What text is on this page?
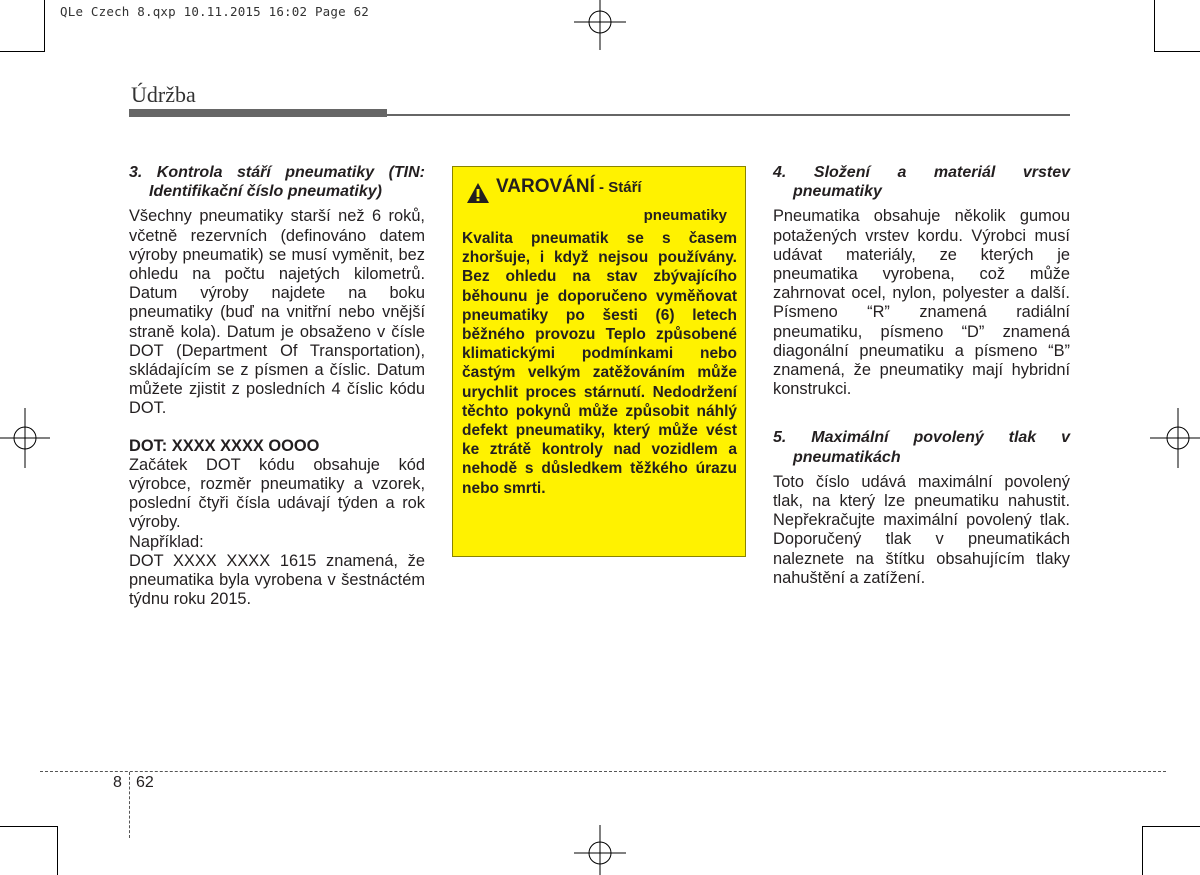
QLe Czech 8.qxp 10.11.2015 16:02 Page 62
Údržba

3. Kontrola stáří pneumatiky (TIN: Identifikační číslo pneumatiky)

Všechny pneumatiky starší než 6 roků, včetně rezervních (definováno datem výroby pneumatik) se musí vyměnit, bez ohledu na počtu najetých kilometrů. Datum výroby najdete na boku pneumatiky (buď na vnitřní nebo vnější straně kola). Datum je obsaženo v čísle DOT (Department Of Transportation), skládajícím se z písmen a číslic. Datum můžete zjistit z posledních 4 číslic kódu DOT.

DOT: XXXX XXXX OOOO

Začátek DOT kódu obsahuje kód výrobce, rozměr pneumatiky a vzorek, poslední čtyři čísla udávají týden a rok výroby.

Například:

DOT XXXX XXXX 1615 znamená, že pneumatika byla vyrobena v šestnáctém týdnu roku 2015.

VAROVÁNÍ - Stáří
pneumatiky
Kvalita pneumatik se s časem zhoršuje, i když nejsou používány. Bez ohledu na stav zbývajícího běhounu je doporučeno vyměňovat pneumatiky po šesti (6) letech běžného provozu Teplo způsobené klimatickými podmínkami nebo častým velkým zatěžováním může urychlit proces stárnutí. Nedodržení těchto pokynů může způsobit náhlý defekt pneumatiky, který může vést ke ztrátě kontroly nad vozidlem a nehodě s důsledkem těžkého úrazu nebo smrti.

4. Složení a materiál vrstev pneumatiky

Pneumatika obsahuje několik gumou potažených vrstev kordu. Výrobci musí udávat materiály, ze kterých je pneumatika vyrobena, což může zahrnovat ocel, nylon, polyester a další. Písmeno “R” znamená radiální pneumatiku, písmeno “D” znamená diagonální pneumatiku a písmeno “B” znamená, že pneumatiky mají hybridní konstrukci.

5. Maximální povolený tlak v pneumatikách

Toto číslo udává maximální povolený tlak, na který lze pneumatiku nahustit. Nepřekračujte maximální povolený tlak. Doporučený tlak v pneumatikách naleznete na štítku obsahujícím tlaky nahuštění a zatížení.

8 62
